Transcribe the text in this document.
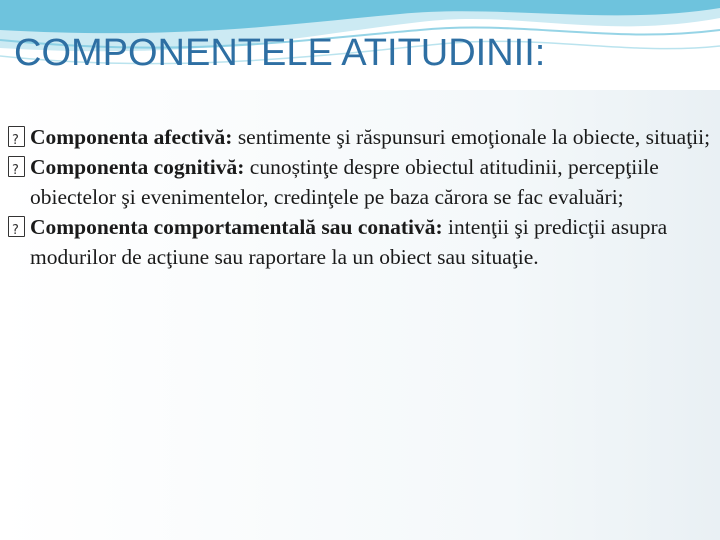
COMPONENTELE ATITUDINII:

?
Componenta afectivă: sentimente şi răspunsuri emoţionale la obiecte, situaţii;

?
Componenta cognitivă: cunoștinţe despre obiectul atitudinii, percepţiile obiectelor şi evenimentelor, credinţele pe baza cărora se fac evaluări;

?
Componenta comportamentală sau conativă: intenţii şi predicţii asupra modurilor de acţiune sau raportare la un obiect sau situaţie.
